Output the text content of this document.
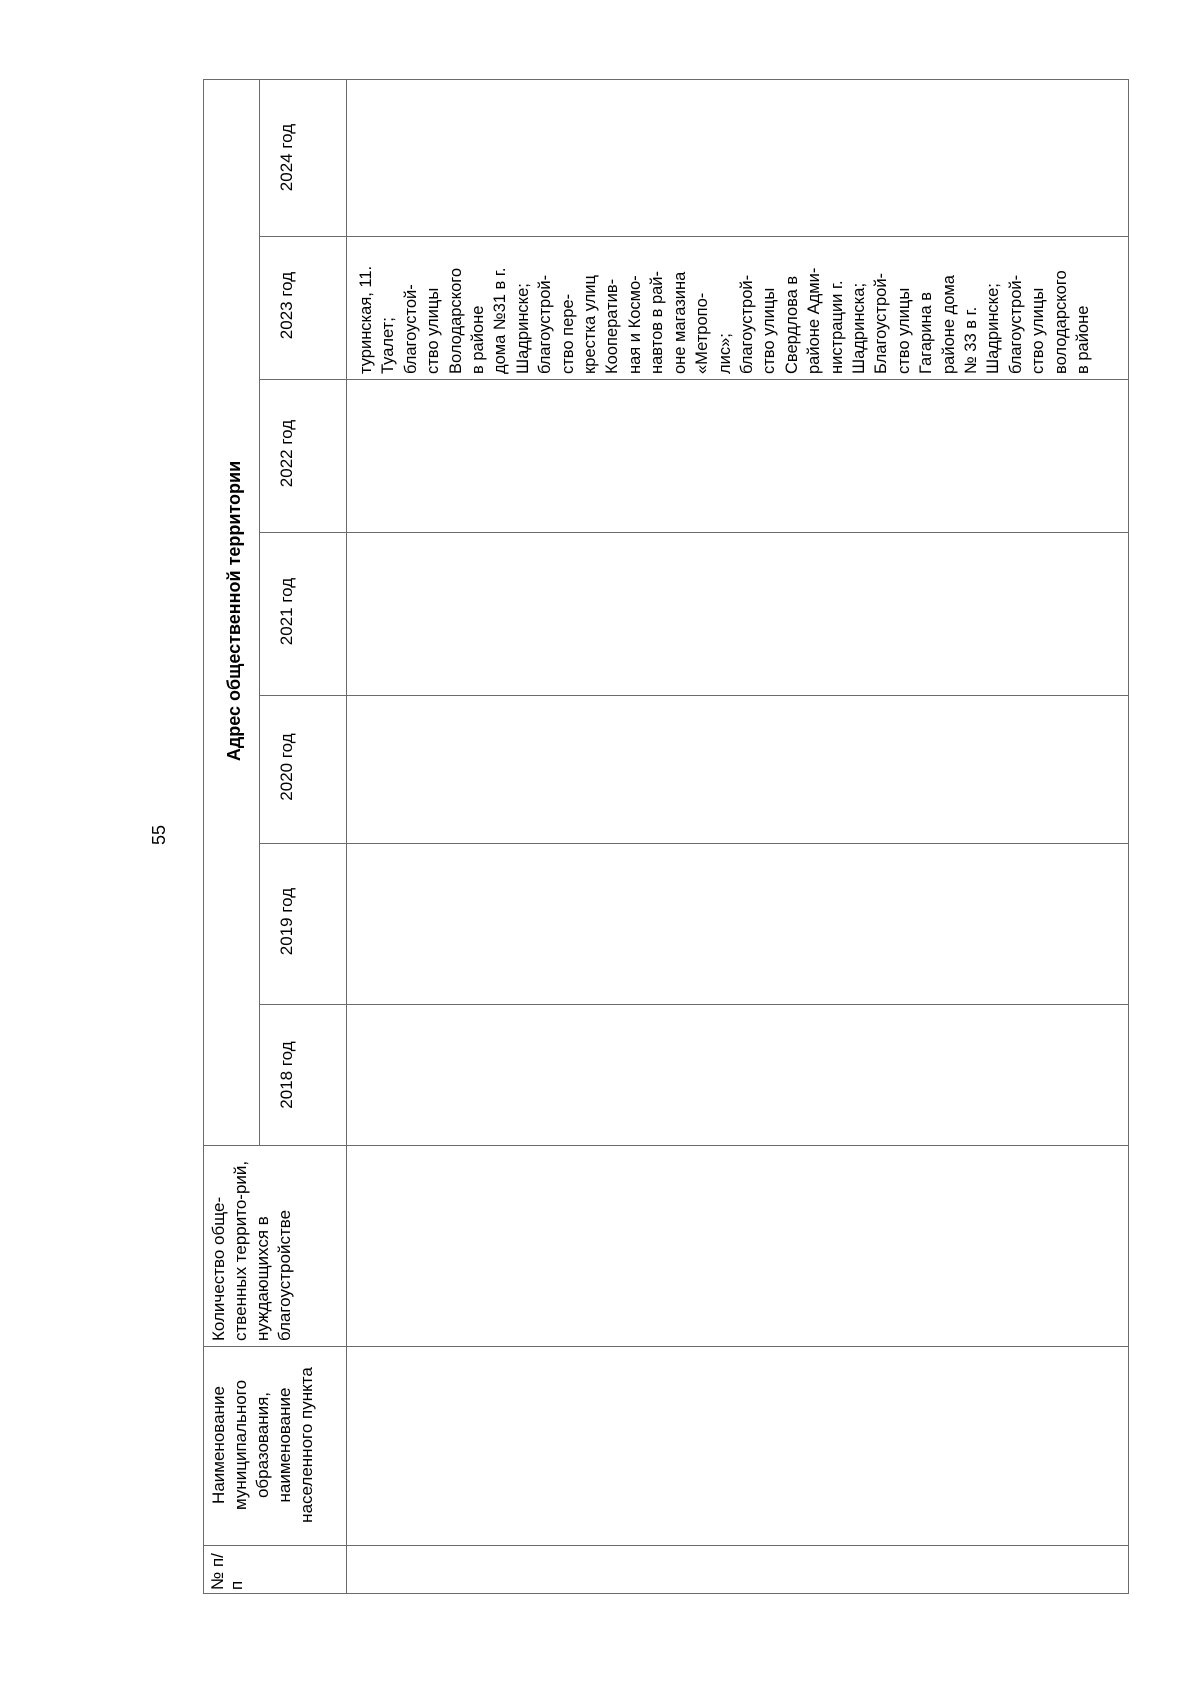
55
№ п/п
Наименование муниципального образования, наименование населенного пункта
Количество обще-ственных террито-рий, нуждающихся в благоустройстве
Адрес общественной территории
2018 год
2019 год
2020 год
2021 год
2022 год
2023 год
2024 год
туринская, 11. Туалет; благоустой- ство улицы Володарского в районе дома №31 в г. Шадринске; благоустрой- ство пере- крестка улиц Кооператив- ная и Космо- навтов в рай- оне магазина «Метропо- лис»; благоустрой- ство улицы Свердлова в районе Адми- нистрации г. Шадринска; Благоустрой- ство улицы Гагарина в районе дома № 33 в г. Шадринске; благоустрой- ство улицы володарского в районе
